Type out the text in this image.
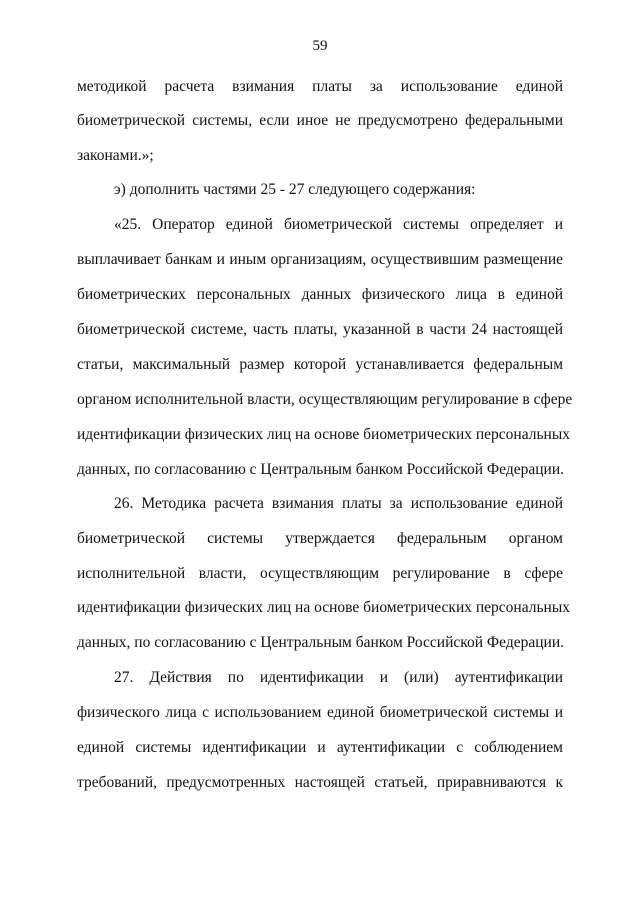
59
методикой расчета взимания платы за использование единой
биометрической системы, если иное не предусмотрено федеральными
законами.»;
э) дополнить частями 25 - 27 следующего содержания:
«25. Оператор единой биометрической системы определяет и
выплачивает банкам и иным организациям, осуществившим размещение
биометрических персональных данных физического лица в единой
биометрической системе, часть платы, указанной в части 24 настоящей
статьи, максимальный размер которой устанавливается федеральным
органом исполнительной власти, осуществляющим регулирование в сфере
идентификации физических лиц на основе биометрических персональных
данных, по согласованию с Центральным банком Российской Федерации.
26. Методика расчета взимания платы за использование единой
биометрической системы утверждается федеральным органом
исполнительной власти, осуществляющим регулирование в сфере
идентификации физических лиц на основе биометрических персональных
данных, по согласованию с Центральным банком Российской Федерации.
27. Действия по идентификации и (или) аутентификации
физического лица с использованием единой биометрической системы и
единой системы идентификации и аутентификации с соблюдением
требований, предусмотренных настоящей статьей, приравниваются к
